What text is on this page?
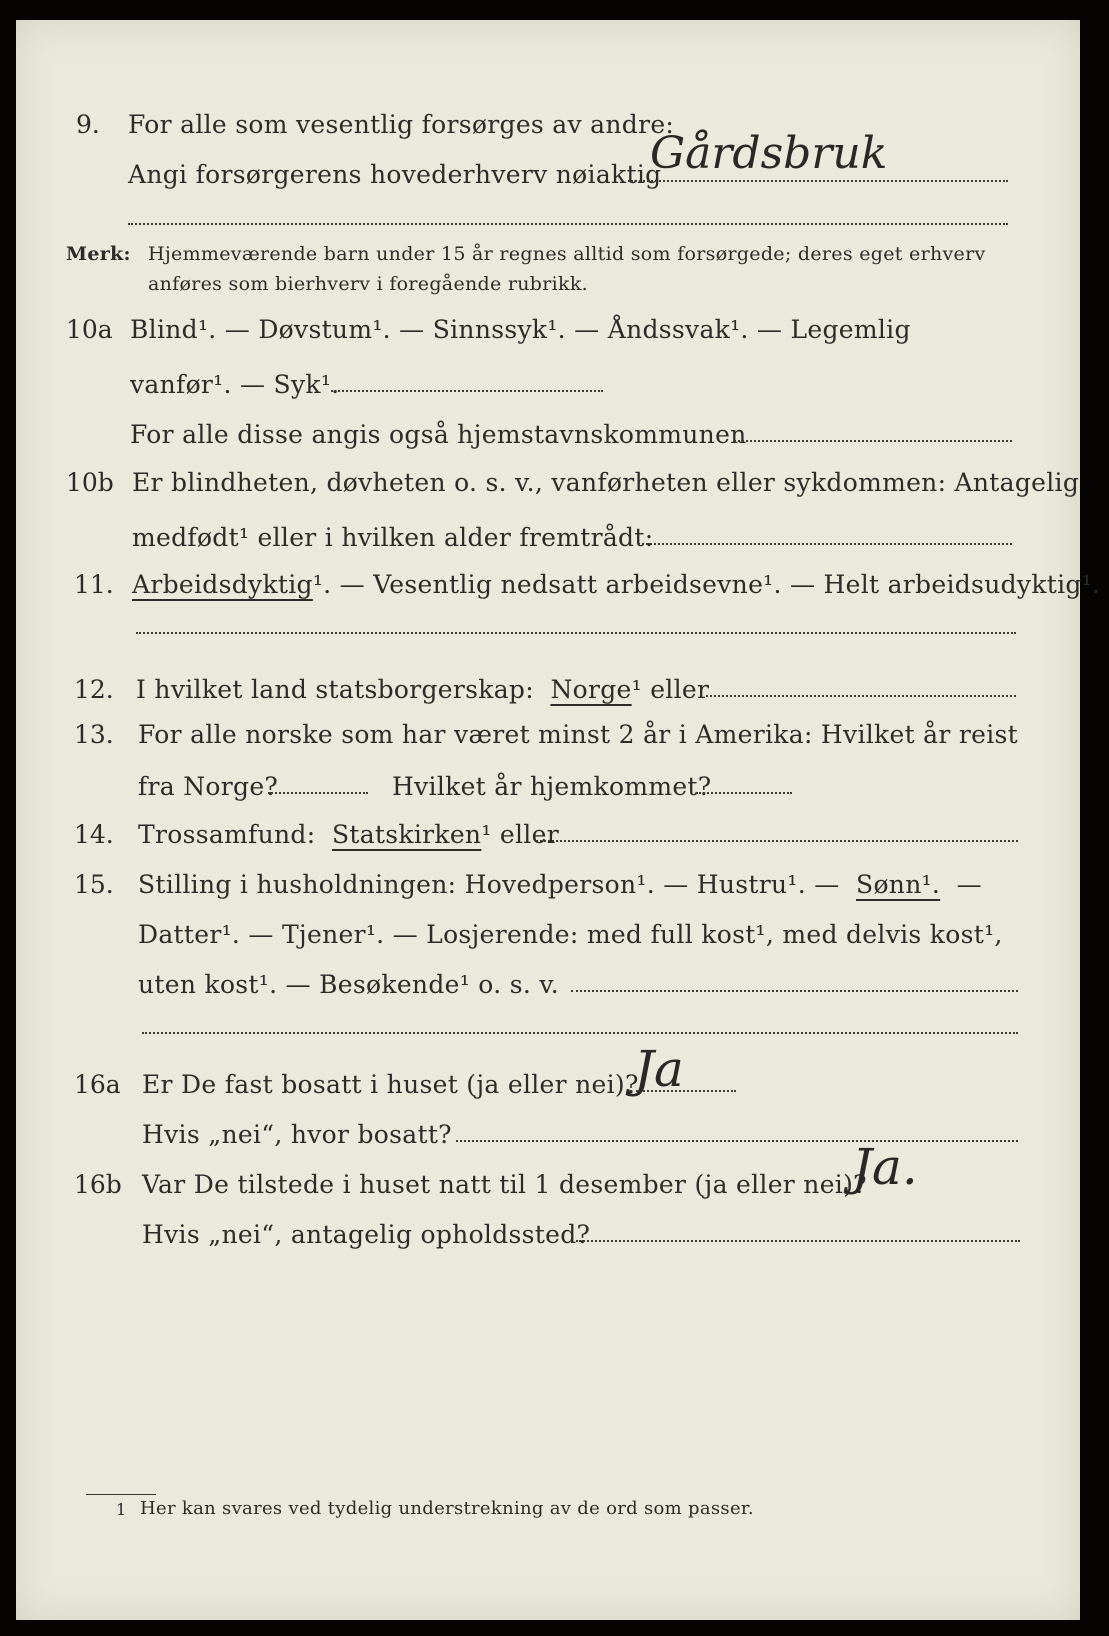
9. For alle som vesentlig forsørges av andre:
Angi forsørgerens hovederhverv nøiaktig
Gårdsbruk
Merk: Hjemmeværende barn under 15 år regnes alltid som forsørgede; deres eget erhverv
anføres som bierhverv i foregående rubrikk.
10a Blind¹. — Døvstum¹. — Sinnssyk¹. — Åndssvak¹. — Legemlig
vanfør¹. — Syk¹.
For alle disse angis også hjemstavnskommunen
10b Er blindheten, døvheten o. s. v., vanførheten eller sykdommen: Antagelig
medfødt¹ eller i hvilken alder fremtrådt:
11. Arbeidsdyktig¹. — Vesentlig nedsatt arbeidsevne¹. — Helt arbeidsudyktig¹.
12. I hvilket land statsborgerskap: Norge¹ eller
13. For alle norske som har været minst 2 år i Amerika: Hvilket år reist
fra Norge?	Hvilket år hjemkommet?
14. Trossamfund: Statskirken¹ eller
15. Stilling i husholdningen: Hovedperson¹. — Hustru¹. — Sønn¹. —
Datter¹. — Tjener¹. — Losjerende: med full kost¹, med delvis kost¹,
uten kost¹. — Besøkende¹ o. s. v.
16a Er De fast bosatt i huset (ja eller nei)?
Ja
Hvis „nei“, hvor bosatt?
16b Var De tilstede i huset natt til 1 desember (ja eller nei)?
Ja.
Hvis „nei“, antagelig opholdssted?
1 Her kan svares ved tydelig understrekning av de ord som passer.
